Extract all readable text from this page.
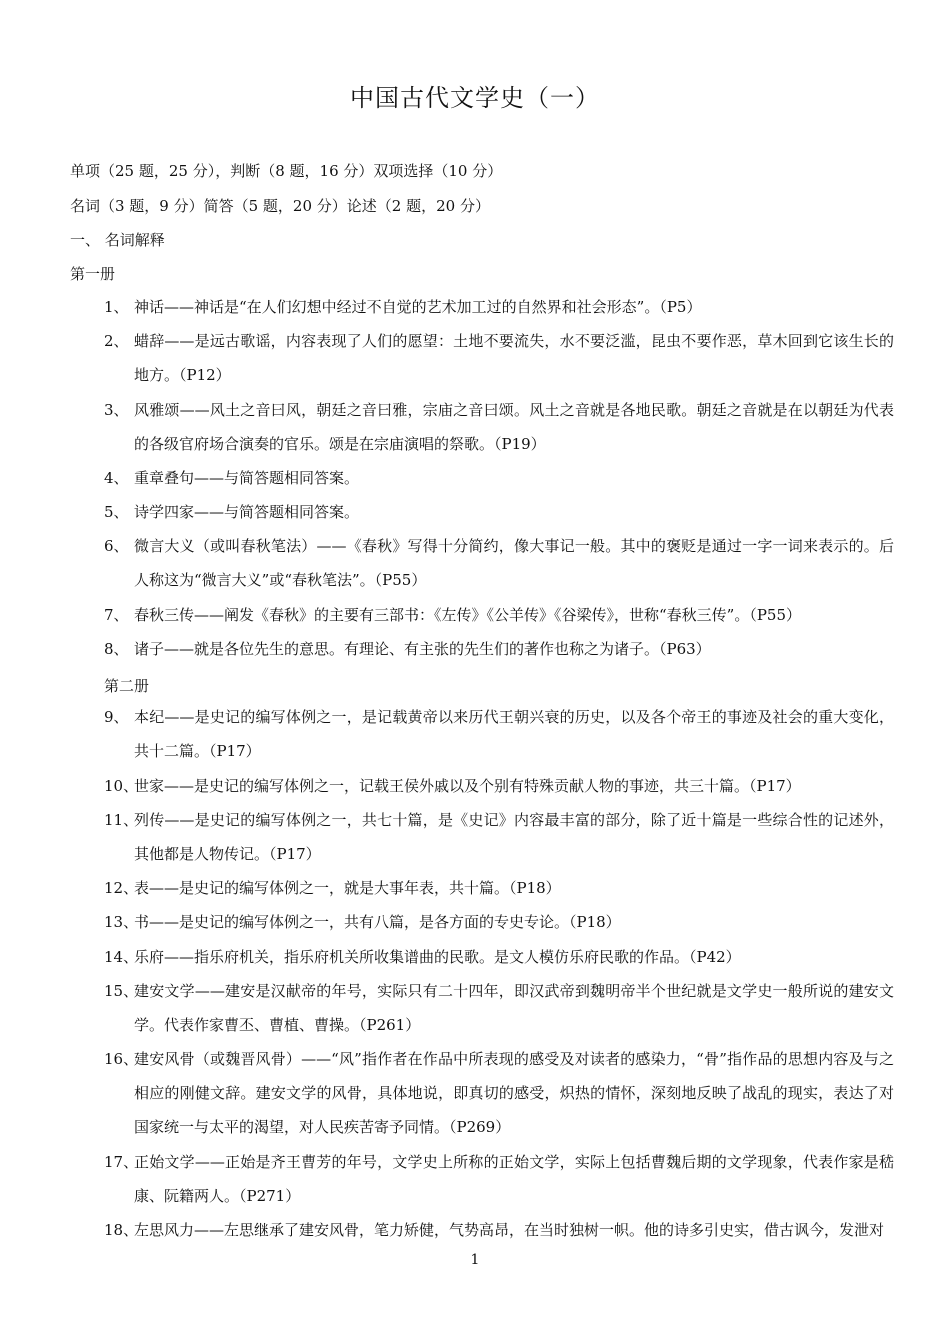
中国古代文学史（一）
单项（25 题，25 分），判断（8 题，16 分）双项选择（10 分）
名词（3 题，9 分）简答（5 题，20 分）论述（2 题，20 分）
一、 名词解释
第一册
1、 神话——神话是“在人们幻想中经过不自觉的艺术加工过的自然界和社会形态”。（P5）
2、 蜡辞——是远古歌谣，内容表现了人们的愿望：土地不要流失，水不要泛滥，昆虫不要作恶，草木回到它该生长的地方。（P12）
3、 风雅颂——风土之音曰风，朝廷之音曰雅，宗庙之音曰颂。风土之音就是各地民歌。朝廷之音就是在以朝廷为代表的各级官府场合演奏的官乐。颂是在宗庙演唱的祭歌。（P19）
4、 重章叠句——与简答题相同答案。
5、 诗学四家——与简答题相同答案。
6、 微言大义（或叫春秋笔法）——《春秋》写得十分简约，像大事记一般。其中的褒贬是通过一字一词来表示的。后人称这为“微言大义”或“春秋笔法”。（P55）
7、 春秋三传——阐发《春秋》的主要有三部书：《左传》《公羊传》《谷梁传》，世称“春秋三传”。（P55）
8、 诸子——就是各位先生的意思。有理论、有主张的先生们的著作也称之为诸子。（P63）
第二册
9、 本纪——是史记的编写体例之一，是记载黄帝以来历代王朝兴衰的历史，以及各个帝王的事迹及社会的重大变化，共十二篇。（P17）
10、
世家——是史记的编写体例之一，记载王侯外戚以及个别有特殊贡献人物的事迹，共三十篇。（P17）
11、
列传——是史记的编写体例之一，共七十篇，是《史记》内容最丰富的部分，除了近十篇是一些综合性的记述外，其他都是人物传记。（P17）
12、
表——是史记的编写体例之一，就是大事年表，共十篇。（P18）
13、
书——是史记的编写体例之一，共有八篇，是各方面的专史专论。（P18）
14、
乐府——指乐府机关，指乐府机关所收集谱曲的民歌。是文人模仿乐府民歌的作品。（P42）
15、
建安文学——建安是汉献帝的年号，实际只有二十四年，即汉武帝到魏明帝半个世纪就是文学史一般所说的建安文学。代表作家曹丕、曹植、曹操。（P261）
16、
建安风骨（或魏晋风骨）——“风”指作者在作品中所表现的感受及对读者的感染力，“骨”指作品的思想内容及与之相应的刚健文辞。建安文学的风骨，具体地说，即真切的感受，炽热的情怀，深刻地反映了战乱的现实，表达了对国家统一与太平的渴望，对人民疾苦寄予同情。（P269）
17、
正始文学——正始是齐王曹芳的年号，文学史上所称的正始文学，实际上包括曹魏后期的文学现象，代表作家是嵇康、阮籍两人。（P271）
18、
左思风力——左思继承了建安风骨，笔力矫健，气势高昂，在当时独树一帜。他的诗多引史实，借古讽今，发泄对
1
